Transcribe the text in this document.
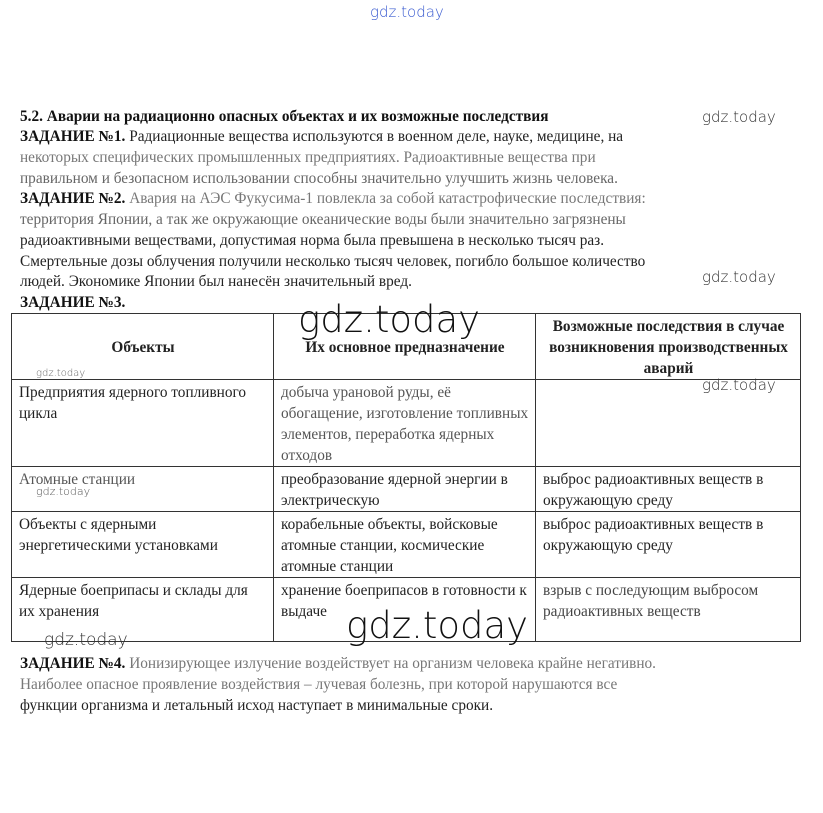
gdz.today
5.2. Аварии на радиационно опасных объектах и их возможные последствия	gdz.today
ЗАДАНИЕ №1. Радиационные вещества используются в военном деле, науке, медицине, на
некоторых специфических промышленных предприятиях. Радиоактивные вещества при
правильном и безопасном использовании способны значительно улучшить жизнь человека.
ЗАДАНИЕ №2. Авария на АЭС Фукусима-1 повлекла за собой катастрофические последствия:
территория Японии, а так же окружающие океанические воды были значительно загрязнены
радиоактивными веществами, допустимая норма была превышена в несколько тысяч раз.
Смертельные дозы облучения получили несколько тысяч человек, погибло большое количество
людей. Экономике Японии был нанесён значительный вред.	gdz.today
ЗАДАНИЕ №3.
Объекты	Их основное предназначение	Возможные последствия в случае возникновения производственных аварий
Предприятия ядерного топливного цикла	добыча урановой руды, её обогащение, изготовление топливных элементов, переработка ядерных отходов	
Атомные станции	преобразование ядерной энергии в электрическую	выброс радиоактивных веществ в окружающую среду
Объекты с ядерными энергетическими установками	корабельные объекты, войсковые атомные станции, космические атомные станции	выброс радиоактивных веществ в окружающую среду
Ядерные боеприпасы и склады для их хранения	хранение боеприпасов в готовности к выдаче	взрыв с последующим выбросом радиоактивных веществ
gdz.today
gdz.today
gdz.today
gdz.today
gdz.today
gdz.today
ЗАДАНИЕ №4. Ионизирующее излучение воздействует на организм человека крайне негативно.
Наиболее опасное проявление воздействия – лучевая болезнь, при которой нарушаются все
функции организма и летальный исход наступает в минимальные сроки.
